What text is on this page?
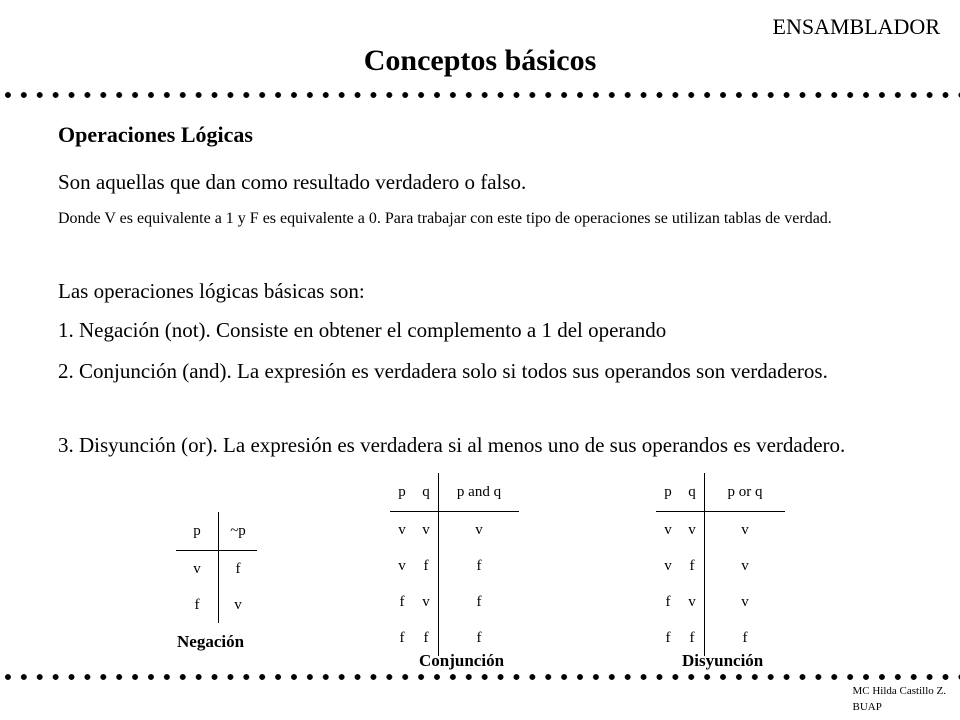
ENSAMBLADOR
Conceptos básicos
Operaciones Lógicas
Son aquellas que dan como resultado verdadero o falso.
Donde V es equivalente a 1 y F es equivalente a 0. Para trabajar con este tipo de operaciones se utilizan tablas de verdad.
Las operaciones lógicas básicas son:
1. Negación (not). Consiste en obtener el complemento a 1 del operando
2. Conjunción (and). La expresión es verdadera solo si todos sus operandos son verdaderos.
3. Disyunción (or). La expresión es verdadera si al menos uno de sus operandos es verdadero.
p	~p
v	f
f	v
p	q	p and q
v	v	v
v	f	f
f	v	f
f	f	f
p	q	p or q
v	v	v
v	f	v
f	v	v
f	f	f
Negación
Conjunción	Disyunción
MC Hilda Castillo Z.
BUAP
